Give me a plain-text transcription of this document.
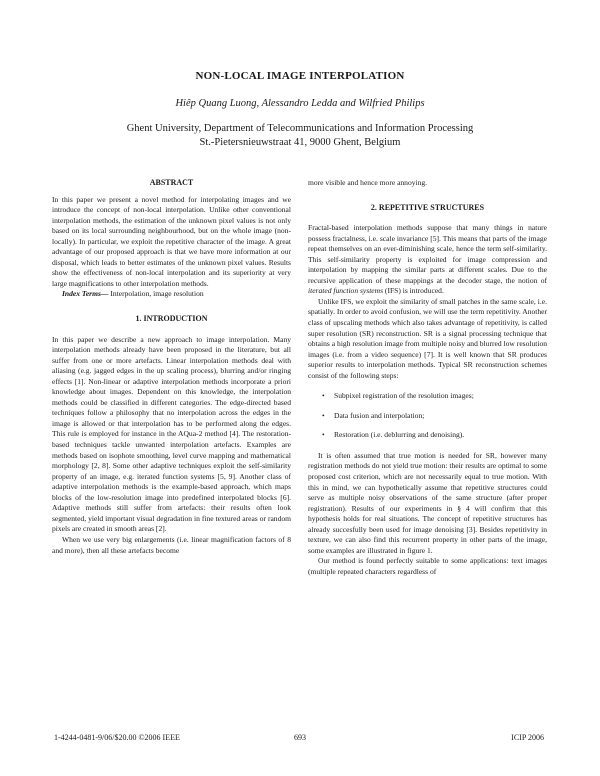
NON-LOCAL IMAGE INTERPOLATION
Hiêp Quang Luong, Alessandro Ledda and Wilfried Philips
Ghent University, Department of Telecommunications and Information Processing
St.-Pietersnieuwstraat 41, 9000 Ghent, Belgium

ABSTRACT

In this paper we present a novel method for interpolating images and we introduce the concept of non-local interpolation. Unlike other conventional interpolation methods, the estimation of the unknown pixel values is not only based on its local surrounding neighbourhood, but on the whole image (non-locally). In particular, we exploit the repetitive character of the image. A great advantage of our proposed approach is that we have more information at our disposal, which leads to better estimates of the unknown pixel values. Results show the effectiveness of non-local interpolation and its superiority at very large magnifications to other interpolation methods.

Index Terms— Interpolation, image resolution

1. INTRODUCTION

In this paper we describe a new approach to image interpolation. Many interpolation methods already have been proposed in the literature, but all suffer from one or more artefacts. Linear interpolation methods deal with aliasing (e.g. jagged edges in the up scaling process), blurring and/or ringing effects [1]. Non-linear or adaptive interpolation methods incorporate a priori knowledge about images. Dependent on this knowledge, the interpolation methods could be classified in different categories. The edge-directed based techniques follow a philosophy that no interpolation across the edges in the image is allowed or that interpolation has to be performed along the edges. This rule is employed for instance in the AQua-2 method [4]. The restoration-based techniques tackle unwanted interpolation artefacts. Examples are methods based on isophote smoothing, level curve mapping and mathematical morphology [2, 8]. Some other adaptive techniques exploit the self-similarity property of an image, e.g. iterated function systems [5, 9]. Another class of adaptive interpolation methods is the example-based approach, which maps blocks of the low-resolution image into predefined interpolated blocks [6]. Adaptive methods still suffer from artefacts: their results often look segmented, yield important visual degradation in fine textured areas or random pixels are created in smooth areas [2].

When we use very big enlargements (i.e. linear magnification factors of 8 and more), then all these artefacts become

more visible and hence more annoying.

2. REPETITIVE STRUCTURES

Fractal-based interpolation methods suppose that many things in nature possess fractalness, i.e. scale invariance [5]. This means that parts of the image repeat themselves on an ever-diminishing scale, hence the term self-similarity. This self-similarity property is exploited for image compression and interpolation by mapping the similar parts at different scales. Due to the recursive application of these mappings at the decoder stage, the notion of iterated function systems (IFS) is introduced.

Unlike IFS, we exploit the similarity of small patches in the same scale, i.e. spatially. In order to avoid confusion, we will use the term repetitivity. Another class of upscaling methods which also takes advantage of repetitivity, is called super resolution (SR) reconstruction. SR is a signal processing technique that obtains a high resolution image from multiple noisy and blurred low resolution images (i.e. from a video sequence) [7]. It is well known that SR produces superior results to interpolation methods. Typical SR reconstruction schemes consist of the following steps:

• Subpixel registration of the resolution images;
• Data fusion and interpolation;
• Restoration (i.e. deblurring and denoising).

It is often assumed that true motion is needed for SR, however many registration methods do not yield true motion: their results are optimal to some proposed cost criterion, which are not necessarily equal to true motion. With this in mind, we can hypothetically assume that repetitive structures could serve as multiple noisy observations of the same structure (after proper registration). Results of our experiments in § 4 will confirm that this hypothesis holds for real situations. The concept of repetitive structures has already succesfully been used for image denoising [3]. Besides repetitivity in texture, we can also find this recurrent property in other parts of the image, some examples are illustrated in figure 1.

Our method is found perfectly suitable to some applications: text images (multiple repeated characters regardless of

1-4244-0481-9/06/$20.00 ©2006 IEEE	693	ICIP 2006
